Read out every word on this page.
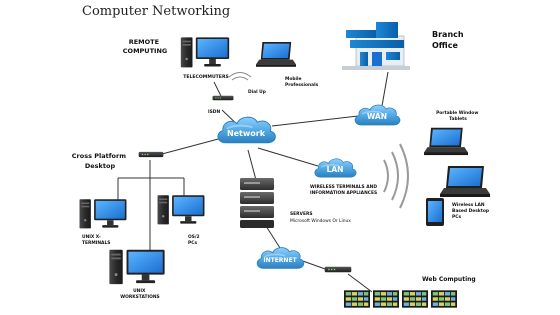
Computer Networking
REMOTE COMPUTING
TELECOMMUTERS	Mobile Professionals
Dial Up
ISDN
Branch Office
Network
WAN
LAN
INTERNET
Cross Platform Desktop
UNIX X- TERMINALS
OS/2 PCs
UNIX WORKSTATIONS
SERVERS Microsoft Windows Or Linux
WIRELESS TERMINALS AND INFORMATION APPLIANCES
Portable Window Tablets
Wireless LAN Based Desktop PCs
Web Computing
